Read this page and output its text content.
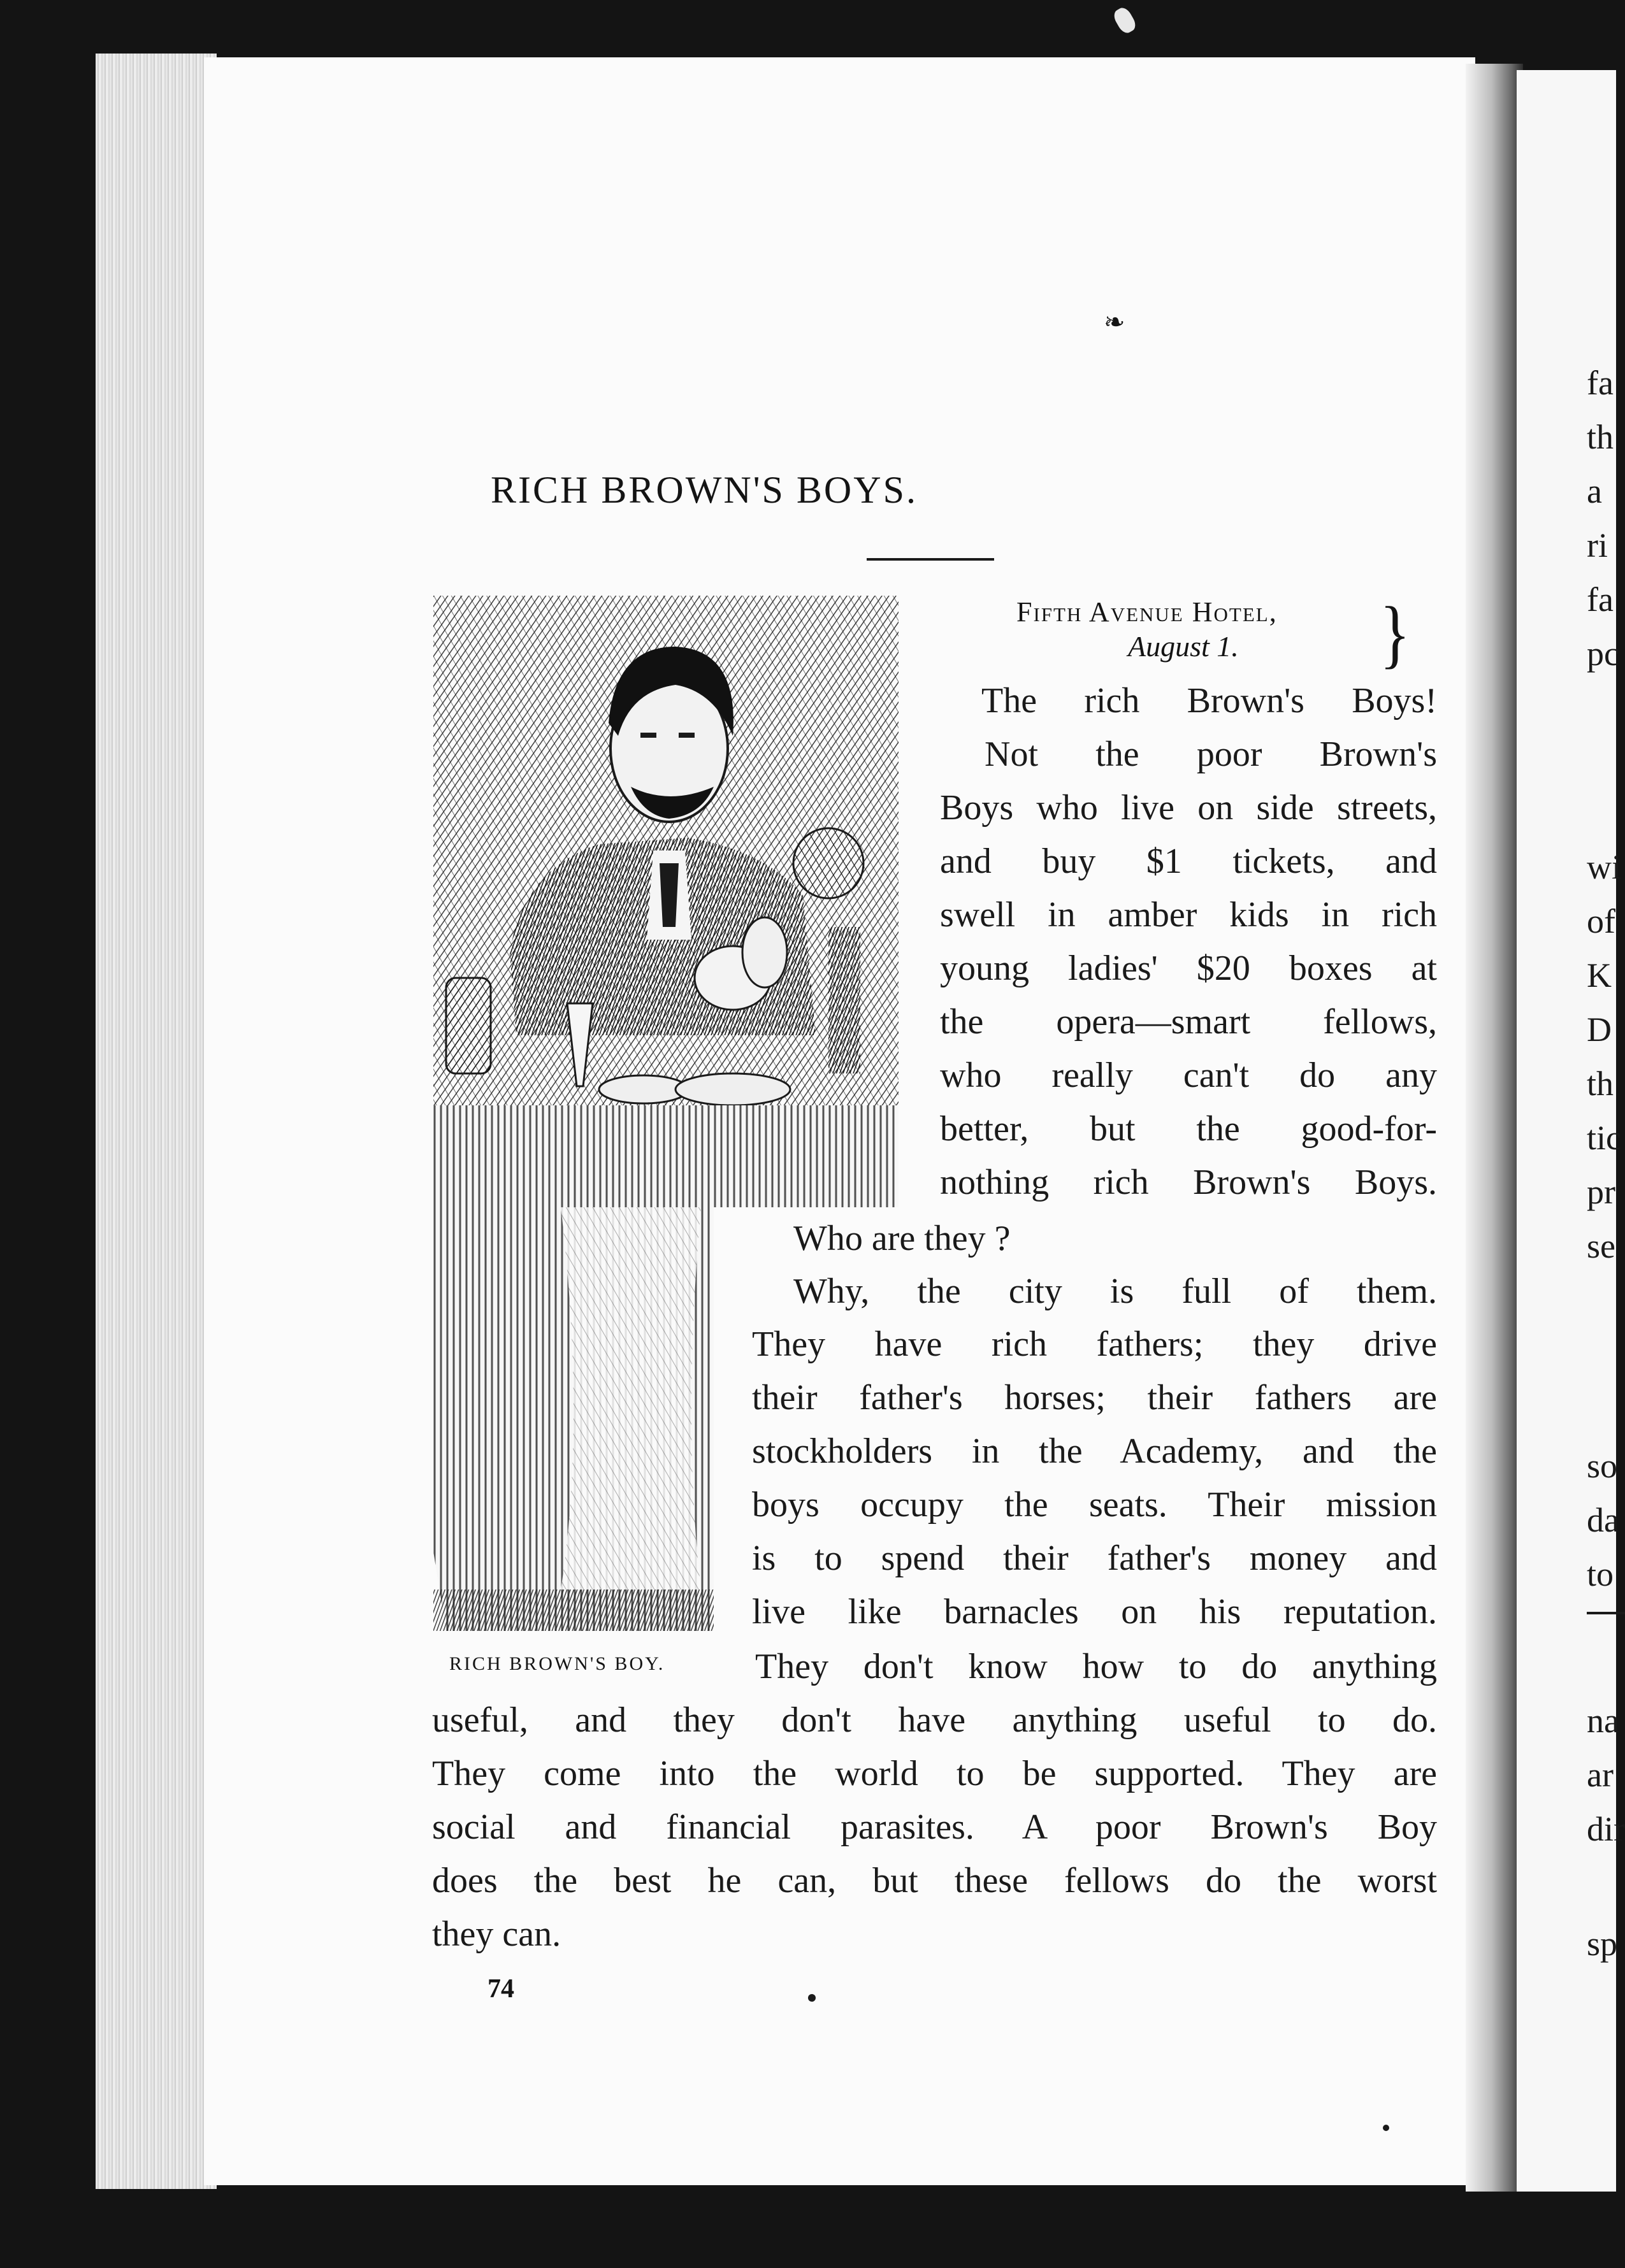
fa
th
a
ri
fa
pc
wi
of
K
D
th
tic
pr
se
so
da
to
na
ar
dir
sp
❧
RICH BROWN'S BOYS.
RICH BROWN'S BOY.
Fifth Avenue Hotel,
August 1. }
The rich Brown's Boys!
Not the poor Brown's
Boys who live on side streets,
and buy $1 tickets, and
swell in amber kids in rich
young ladies' $20 boxes at
the opera—smart fellows,
who really can't do any
better, but the good-for-
nothing rich Brown's Boys.
Who are they ?
Why, the city is full of them.
They have rich fathers; they drive
their father's horses; their fathers are
stockholders in the Academy, and the
boys occupy the seats. Their mission
is to spend their father's money and
live like barnacles on his reputation.
They don't know how to do anything
useful, and they don't have anything useful to do.
They come into the world to be supported. They are
social and financial parasites. A poor Brown's Boy
does the best he can, but these fellows do the worst
they can.
74
